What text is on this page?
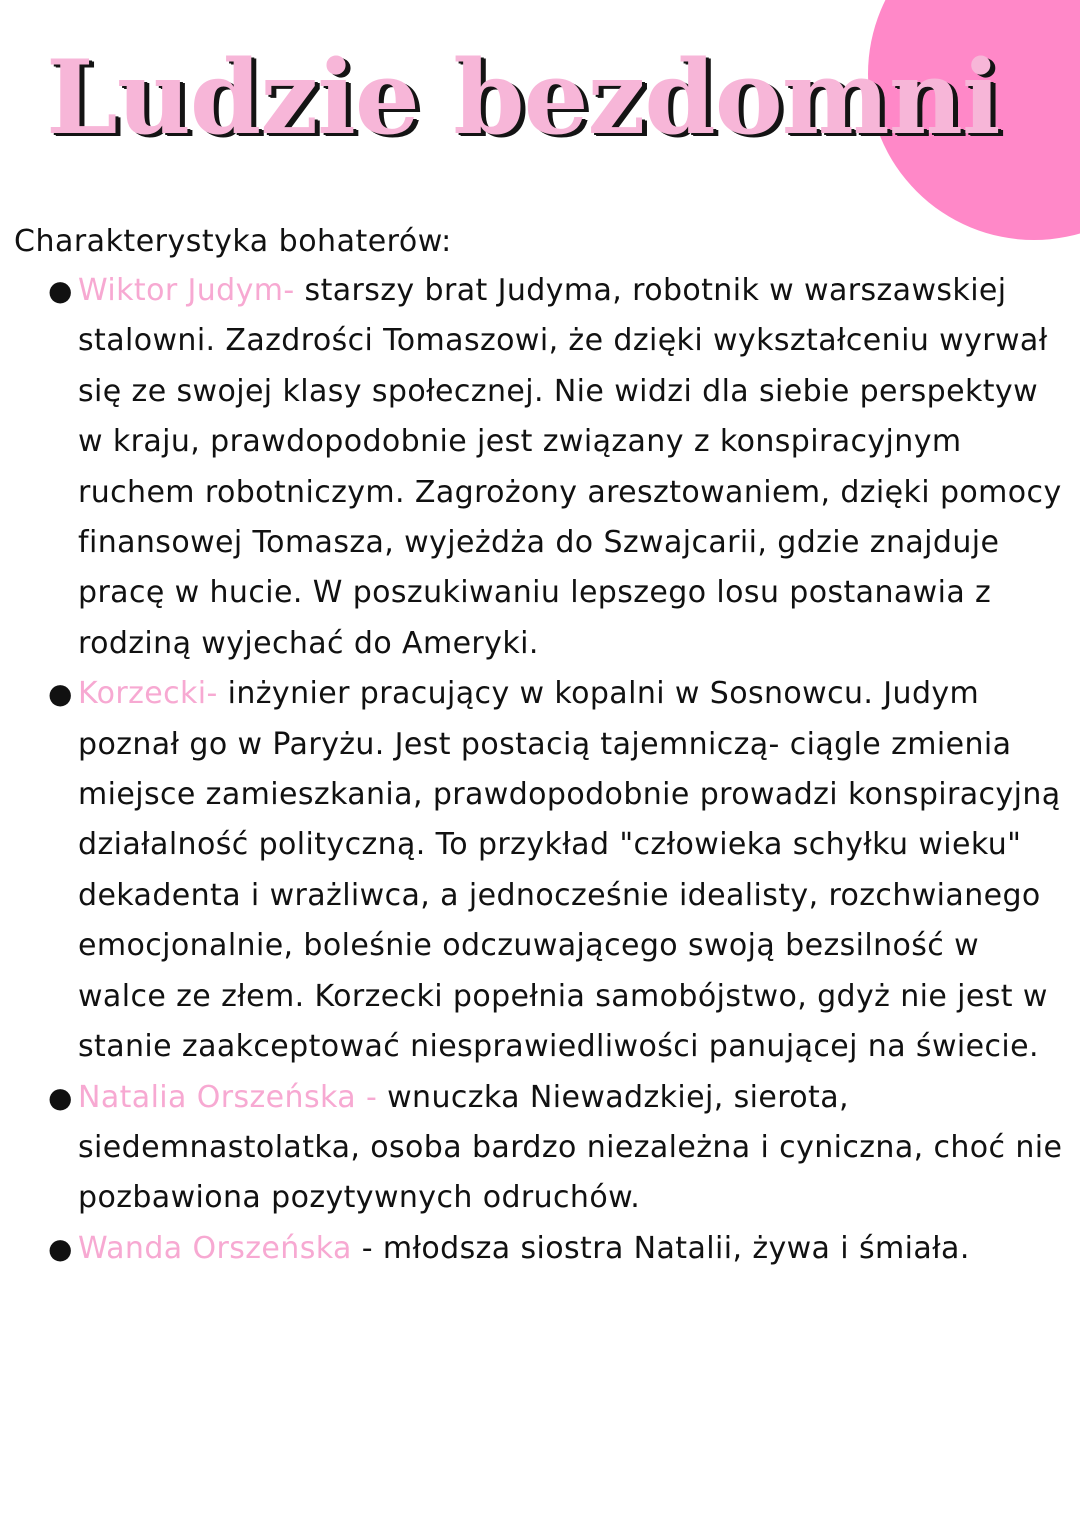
Ludzie bezdomni

Charakterystyka bohaterów:

● Wiktor Judym- starszy brat Judyma, robotnik w warszawskiej stalowni. Zazdrości Tomaszowi, że dzięki wykształceniu wyrwał się ze swojej klasy społecznej. Nie widzi dla siebie perspektyw w kraju, prawdopodobnie jest związany z konspiracyjnym ruchem robotniczym. Zagrożony aresztowaniem, dzięki pomocy finansowej Tomasza, wyjeżdża do Szwajcarii, gdzie znajduje pracę w hucie. W poszukiwaniu lepszego losu postanawia z rodziną wyjechać do Ameryki.
● Korzecki- inżynier pracujący w kopalni w Sosnowcu. Judym poznał go w Paryżu. Jest postacią tajemniczą- ciągle zmienia miejsce zamieszkania, prawdopodobnie prowadzi konspiracyjną działalność polityczną. To przykład "człowieka schyłku wieku" dekadenta i wrażliwca, a jednocześnie idealisty, rozchwianego emocjonalnie, boleśnie odczuwającego swoją bezsilność w walce ze złem. Korzecki popełnia samobójstwo, gdyż nie jest w stanie zaakceptować niesprawiedliwości panującej na świecie.
● Natalia Orszeńska - wnuczka Niewadzkiej, sierota, siedemnastolatka, osoba bardzo niezależna i cyniczna, choć nie pozbawiona pozytywnych odruchów.
● Wanda Orszeńska - młodsza siostra Natalii, żywa i śmiała.
